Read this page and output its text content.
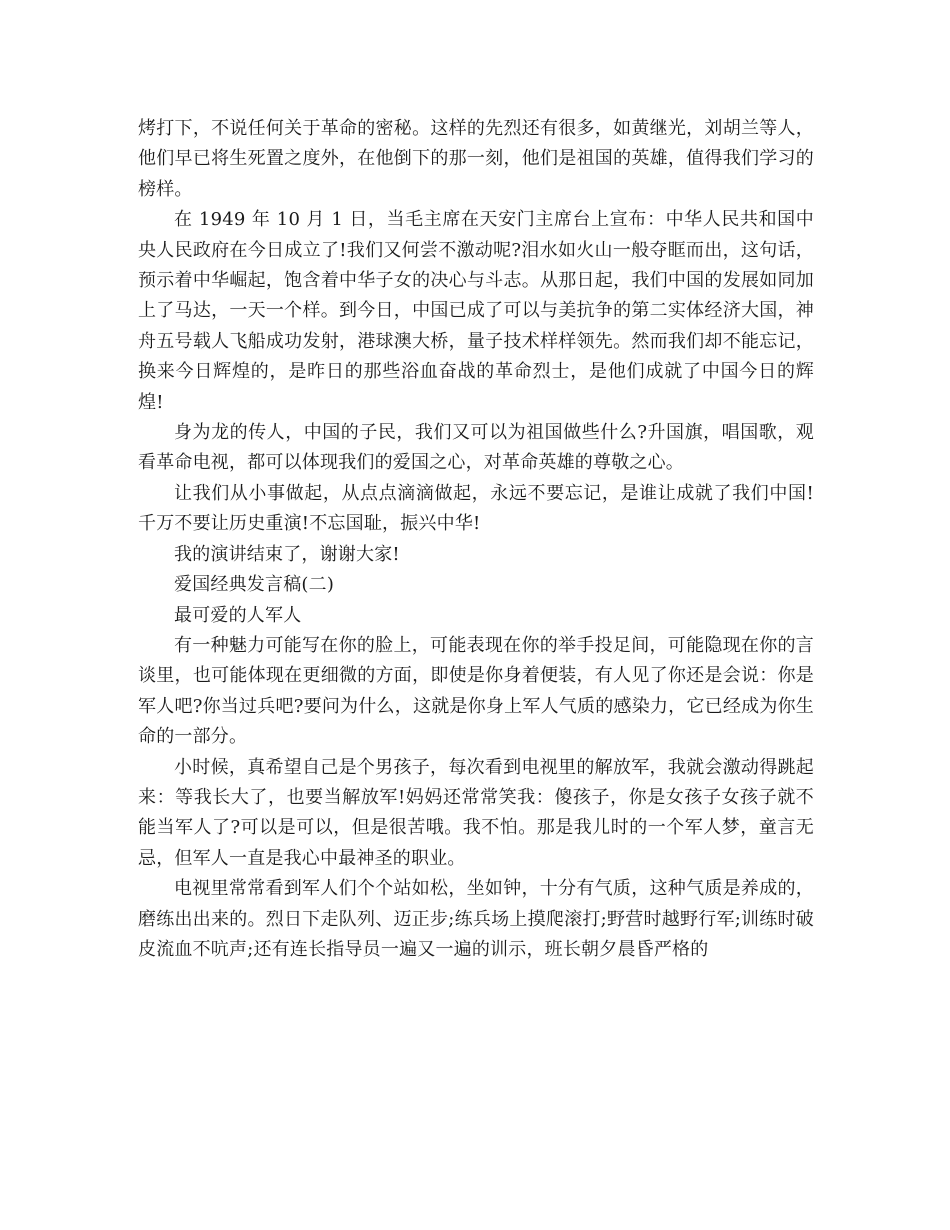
烤打下，不说任何关于革命的密秘。这样的先烈还有很多，如黄继光，刘胡兰等人，他们早已将生死置之度外，在他倒下的那一刻，他们是祖国的英雄，值得我们学习的榜样。

在 1949 年 10 月 1 日，当毛主席在天安门主席台上宣布：中华人民共和国中央人民政府在今日成立了!我们又何尝不激动呢?泪水如火山一般夺眶而出，这句话，预示着中华崛起，饱含着中华子女的决心与斗志。从那日起，我们中国的发展如同加上了马达，一天一个样。到今日，中国已成了可以与美抗争的第二实体经济大国，神舟五号载人飞船成功发射，港球澳大桥，量子技术样样领先。然而我们却不能忘记，换来今日辉煌的，是昨日的那些浴血奋战的革命烈士，是他们成就了中国今日的辉煌!

身为龙的传人，中国的子民，我们又可以为祖国做些什么?升国旗，唱国歌，观看革命电视，都可以体现我们的爱国之心，对革命英雄的尊敬之心。

让我们从小事做起，从点点滴滴做起，永远不要忘记，是谁让成就了我们中国!千万不要让历史重演!不忘国耻，振兴中华!

我的演讲结束了，谢谢大家!

爱国经典发言稿(二)

最可爱的人军人

有一种魅力可能写在你的脸上，可能表现在你的举手投足间，可能隐现在你的言谈里，也可能体现在更细微的方面，即使是你身着便装，有人见了你还是会说：你是军人吧?你当过兵吧?要问为什么，这就是你身上军人气质的感染力，它已经成为你生命的一部分。

小时候，真希望自己是个男孩子，每次看到电视里的解放军，我就会激动得跳起来：等我长大了，也要当解放军!妈妈还常常笑我：傻孩子，你是女孩子女孩子就不能当军人了?可以是可以，但是很苦哦。我不怕。那是我儿时的一个军人梦，童言无忌，但军人一直是我心中最神圣的职业。

电视里常常看到军人们个个站如松，坐如钟，十分有气质，这种气质是养成的，磨练出出来的。烈日下走队列、迈正步;练兵场上摸爬滚打;野营时越野行军;训练时破皮流血不吭声;还有连长指导员一遍又一遍的训示，班长朝夕晨昏严格的
